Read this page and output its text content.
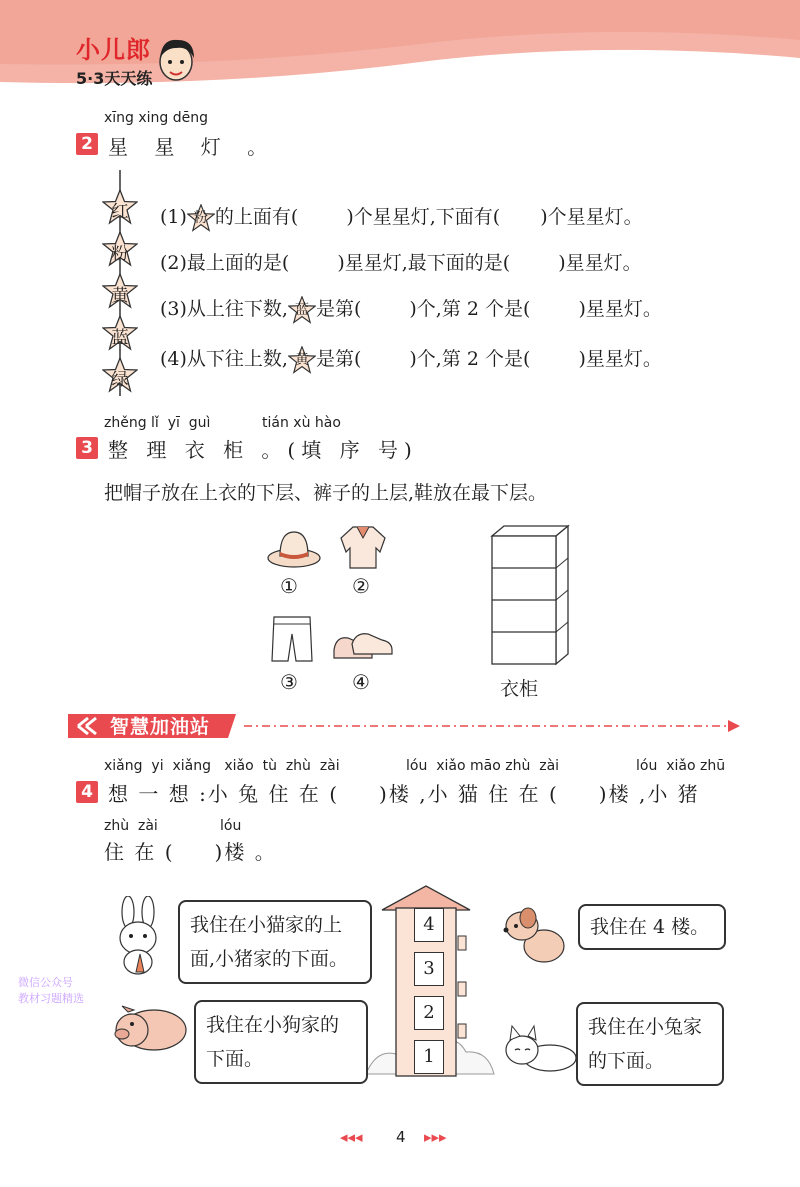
小儿郎
5·3天天练
xīng xing dēng
2 星 星 灯 。
红
粉
黄
蓝
绿
(1) 粉 的上面有(	)个星星灯,下面有( )个星星灯。
(2)最上面的是(	)星星灯,最下面的是(	)星星灯。
(3)从上往下数, 蓝 是第(	)个,第 2 个是(	)星星灯。
(4)从下往上数, 黄 是第(	)个,第 2 个是(	)星星灯。
zhěng lǐ  yī  guì	tián xù hào
3 整 理 衣 柜 。(填 序 号)
把帽子放在上衣的下层、裤子的上层,鞋放在最下层。
①	②
③	④	衣柜
智慧加油站
xiǎng  yi  xiǎng   xiǎo  tù  zhù  zài	lóu  xiǎo māo zhù  zài	lóu  xiǎo zhū
4 想 一 想 :小 兔 住 在 ( )楼 ,小 猫 住 在 ( )楼 ,小 猪
zhù  zài	lóu
住 在 ( )楼 。
4
3
2
1
我住在小猫家的上
面,小猪家的下面。
我住在 4 楼。
微信公众号
教材习题精选
我住在小狗家的
下面。
我住在小兔家
的下面。
◂◂◂ 4 ▸▸▸
